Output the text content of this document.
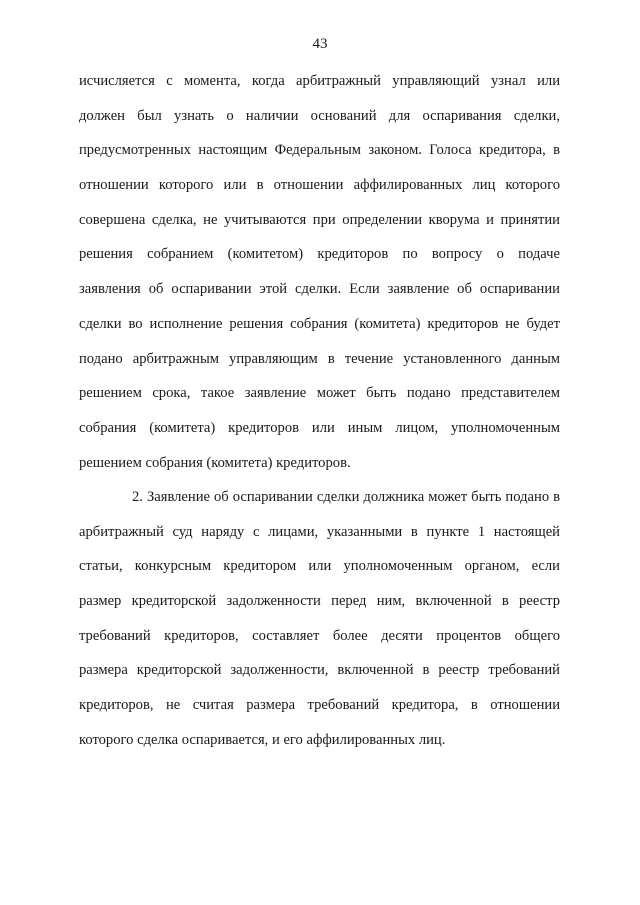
43
исчисляется с момента, когда арбитражный управляющий узнал или
должен был узнать о наличии оснований для оспаривания сделки,
предусмотренных настоящим Федеральным законом. Голоса кредитора, в
отношении которого или в отношении аффилированных лиц которого
совершена сделка, не учитываются при определении кворума и принятии
решения собранием (комитетом) кредиторов по вопросу о подаче
заявления об оспаривании этой сделки. Если заявление об оспаривании
сделки во исполнение решения собрания (комитета) кредиторов не будет
подано арбитражным управляющим в течение установленного данным
решением срока, такое заявление может быть подано представителем
собрания (комитета) кредиторов или иным лицом, уполномоченным
решением собрания (комитета) кредиторов.
2. Заявление об оспаривании сделки должника может быть подано в
арбитражный суд наряду с лицами, указанными в пункте 1 настоящей
статьи, конкурсным кредитором или уполномоченным органом, если
размер кредиторской задолженности перед ним, включенной в реестр
требований кредиторов, составляет более десяти процентов общего
размера кредиторской задолженности, включенной в реестр требований
кредиторов, не считая размера требований кредитора, в отношении
которого сделка оспаривается, и его аффилированных лиц.
